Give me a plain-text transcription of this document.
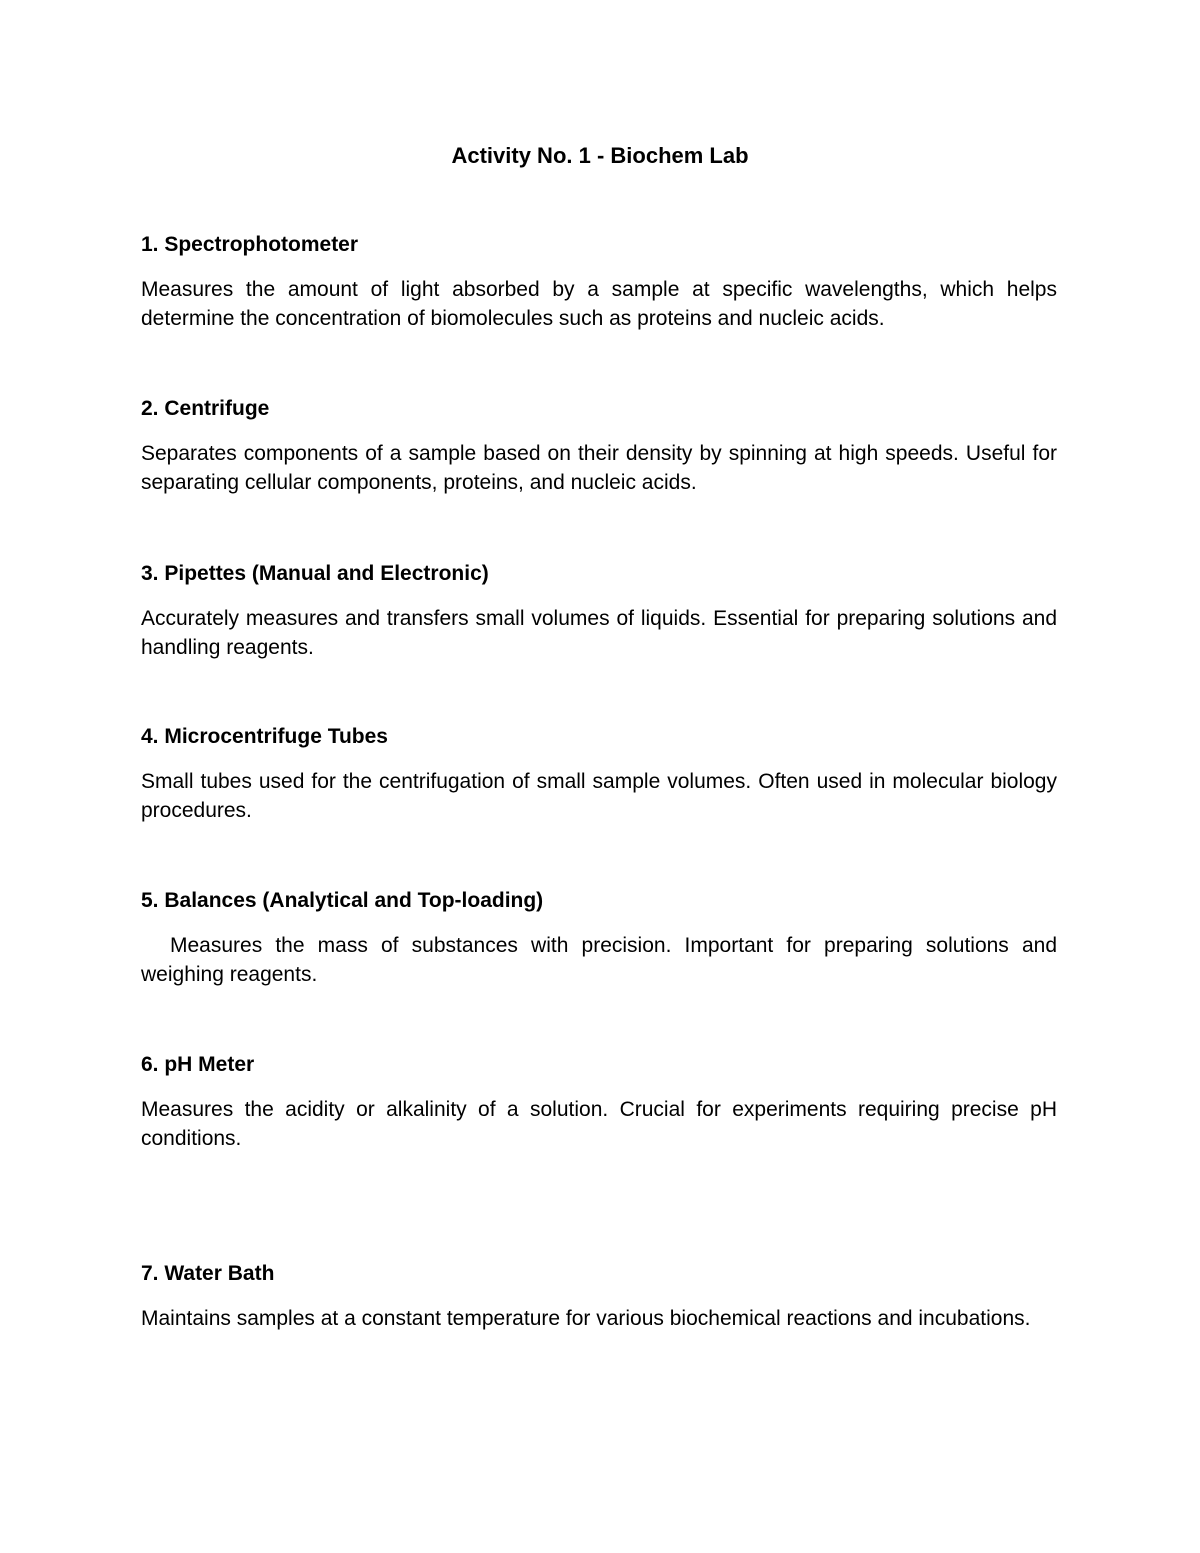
Activity No. 1 - Biochem Lab

1. Spectrophotometer

Measures the amount of light absorbed by a sample at specific wavelengths, which helps determine the concentration of biomolecules such as proteins and nucleic acids.

2. Centrifuge

Separates components of a sample based on their density by spinning at high speeds. Useful for separating cellular components, proteins, and nucleic acids.

3. Pipettes (Manual and Electronic)

Accurately measures and transfers small volumes of liquids. Essential for preparing solutions and handling reagents.

4. Microcentrifuge Tubes

Small tubes used for the centrifugation of small sample volumes. Often used in molecular biology procedures.

5. Balances (Analytical and Top-loading)

Measures the mass of substances with precision. Important for preparing solutions and weighing reagents.

6. pH Meter

Measures the acidity or alkalinity of a solution. Crucial for experiments requiring precise pH conditions.

7. Water Bath

Maintains samples at a constant temperature for various biochemical reactions and incubations.
